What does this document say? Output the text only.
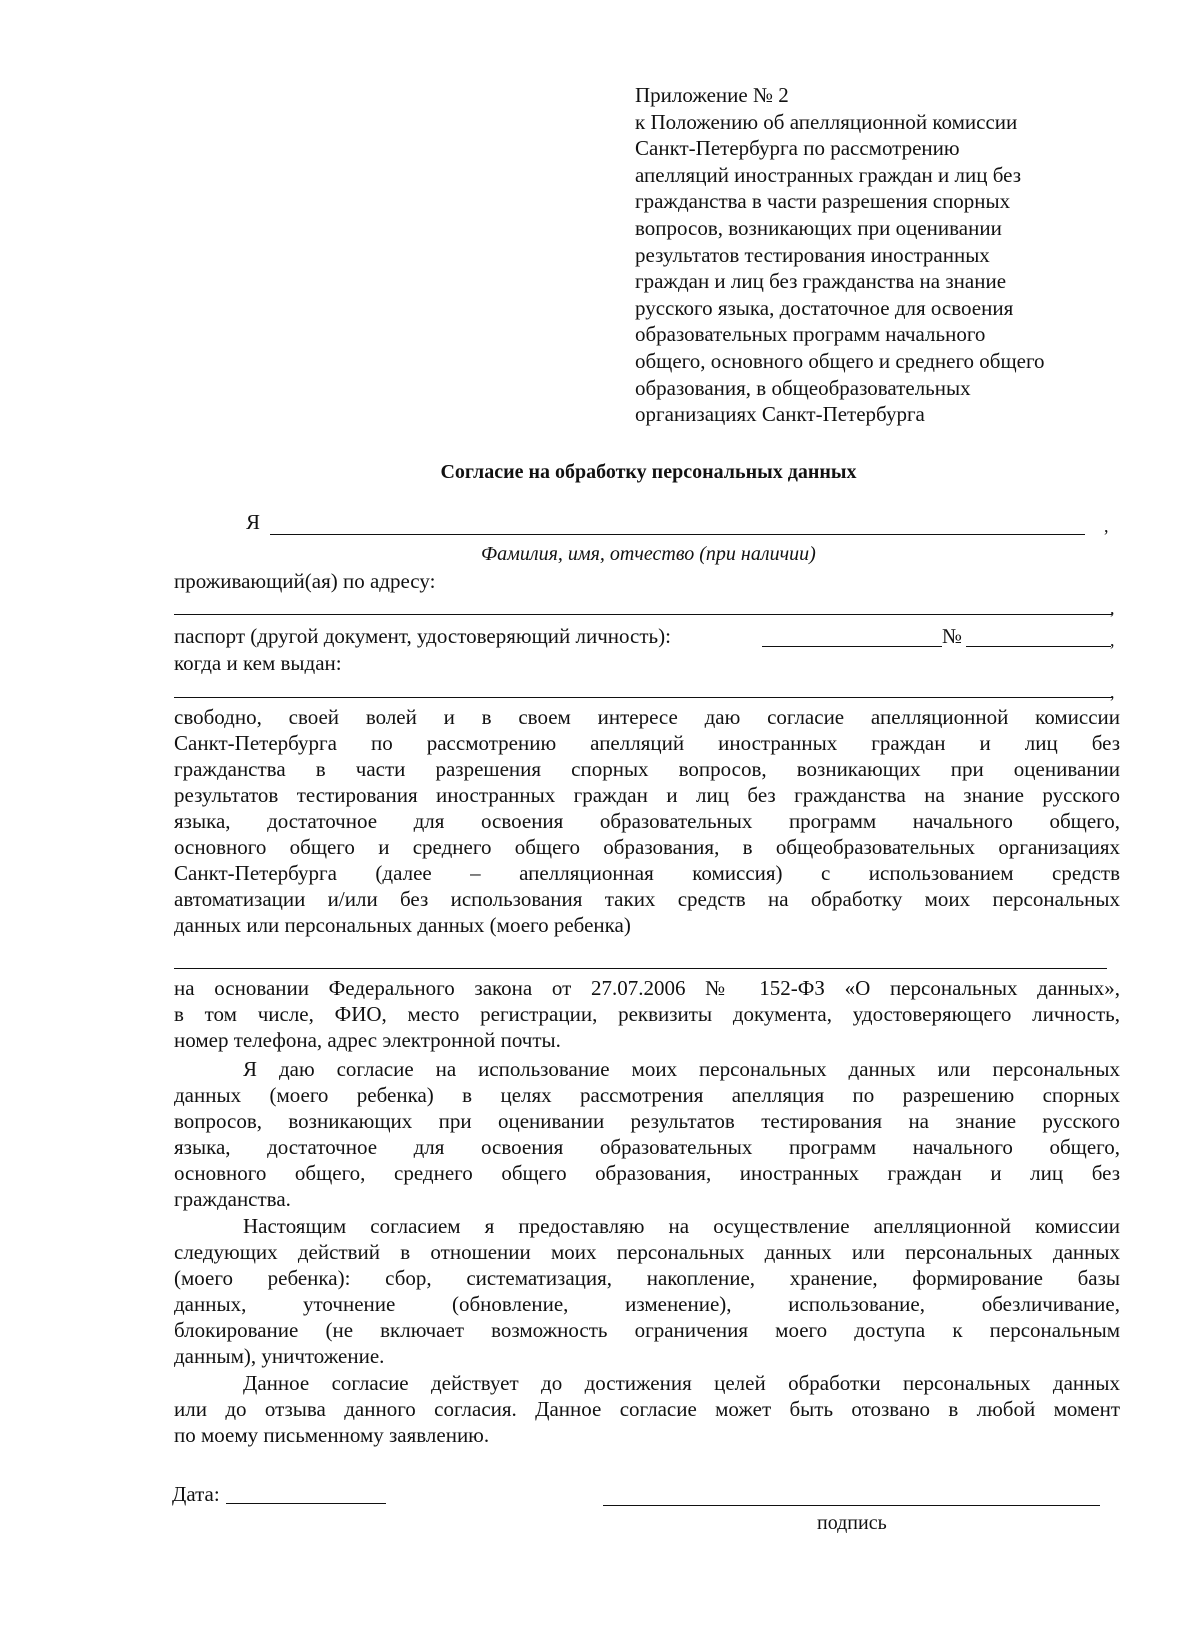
Приложение № 2
к Положению об апелляционной комиссии
Санкт-Петербурга по рассмотрению
апелляций иностранных граждан и лиц без
гражданства в части разрешения спорных
вопросов, возникающих при оценивании
результатов тестирования иностранных
граждан и лиц без гражданства на знание
русского языка, достаточное для освоения
образовательных программ начального
общего, основного общего и среднего общего
образования, в общеобразовательных
организациях Санкт-Петербурга
Согласие на обработку персональных данных
Я	,
Фамилия, имя, отчество (при наличии)
проживающий(ая) по адресу:
,
паспорт (другой документ, удостоверяющий личность):	№	,
когда и кем выдан:
,
свободно, своей волей и в своем интересе даю согласие апелляционной комиссии
Санкт-Петербурга по рассмотрению апелляций иностранных граждан и лиц без
гражданства в части разрешения спорных вопросов, возникающих при оценивании
результатов тестирования иностранных граждан и лиц без гражданства на знание русского
языка, достаточное для освоения образовательных программ начального общего,
основного общего и среднего общего образования, в общеобразовательных организациях
Санкт-Петербурга (далее – апелляционная комиссия) с использованием средств
автоматизации и/или без использования таких средств на обработку моих персональных
данных или персональных данных (моего ребенка)
на основании Федерального закона от 27.07.2006 № 152-ФЗ «О персональных данных»,
в том числе, ФИО, место регистрации, реквизиты документа, удостоверяющего личность,
номер телефона, адрес электронной почты.
Я даю согласие на использование моих персональных данных или персональных
данных (моего ребенка) в целях рассмотрения апелляция по разрешению спорных
вопросов, возникающих при оценивании результатов тестирования на знание русского
языка, достаточное для освоения образовательных программ начального общего,
основного общего, среднего общего образования, иностранных граждан и лиц без
гражданства.
Настоящим согласием я предоставляю на осуществление апелляционной комиссии
следующих действий в отношении моих персональных данных или персональных данных
(моего ребенка): сбор, систематизация, накопление, хранение, формирование базы
данных, уточнение (обновление, изменение), использование, обезличивание,
блокирование (не включает возможность ограничения моего доступа к персональным
данным), уничтожение.
Данное согласие действует до достижения целей обработки персональных данных
или до отзыва данного согласия. Данное согласие может быть отозвано в любой момент
по моему письменному заявлению.
Дата:
подпись
